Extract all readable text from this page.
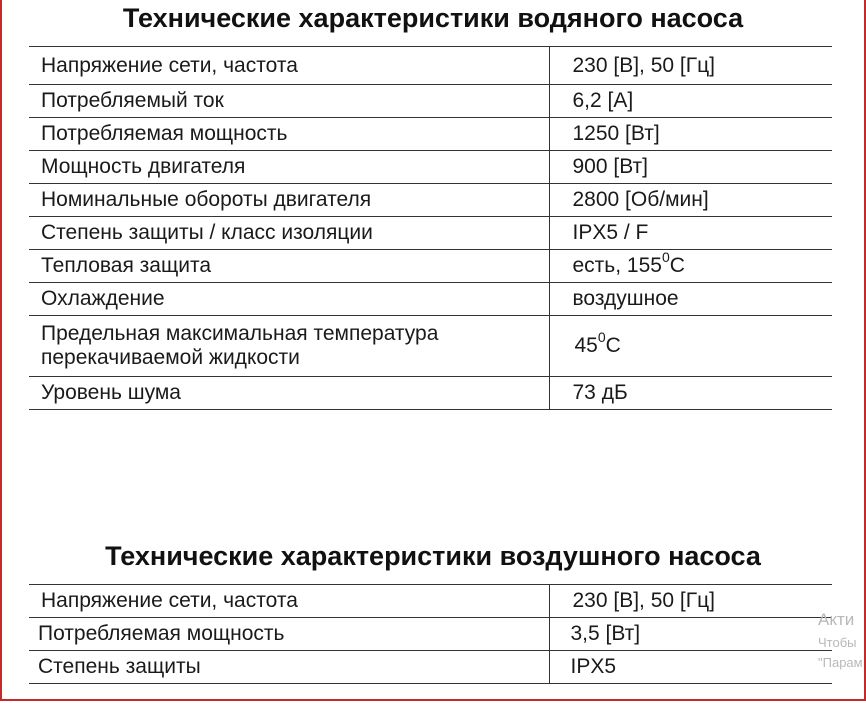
Технические характеристики водяного насоса
Напряжение сети, частота	230 [В], 50 [Гц]
Потребляемый ток	6,2 [А]
Потребляемая мощность	1250 [Вт]
Мощность двигателя	900 [Вт]
Номинальные обороты двигателя	2800 [Об/мин]
Степень защиты / класс изоляции	IPX5 / F
Тепловая защита	есть, $155^0С$
Охлаждение	воздушное

Предельная максимальная температура
перекачиваемой жидкости	$45^0С$
Уровень шума	73 дБ
Технические характеристики воздушного насоса
Напряжение сети, частота	230 [В], 50 [Гц]
Потребляемая мощность	3,5 [Вт]
Степень защиты	IPX5
Акти
Чтобы
"Парам
